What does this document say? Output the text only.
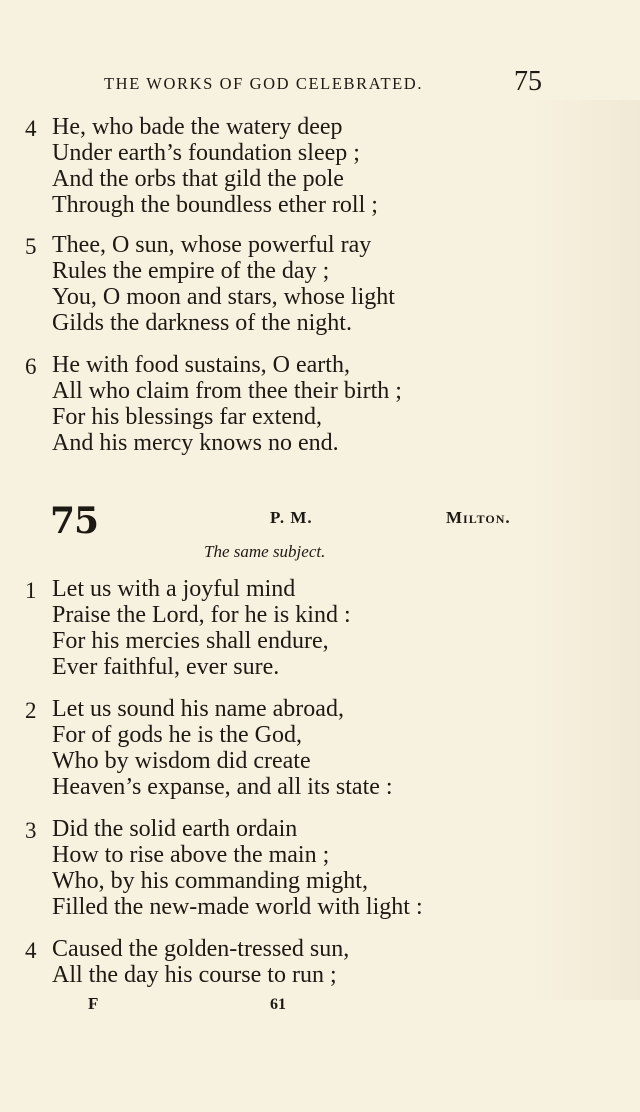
THE WORKS OF GOD CELEBRATED.	75
4 He, who bade the watery deep
Under earth’s foundation sleep ;
And the orbs that gild the pole
Through the boundless ether roll ;
5 Thee, O sun, whose powerful ray
Rules the empire of the day ;
You, O moon and stars, whose light
Gilds the darkness of the night.
6 He with food sustains, O earth,
All who claim from thee their birth ;
For his blessings far extend,
And his mercy knows no end.
75	P. M.	Milton.
The same subject.
1 Let us with a joyful mind
Praise the Lord, for he is kind :
For his mercies shall endure,
Ever faithful, ever sure.
2 Let us sound his name abroad,
For of gods he is the God,
Who by wisdom did create
Heaven’s expanse, and all its state :
3 Did the solid earth ordain
How to rise above the main ;
Who, by his commanding might,
Filled the new-made world with light :
4 Caused the golden-tressed sun,
All the day his course to run ;
F	61
